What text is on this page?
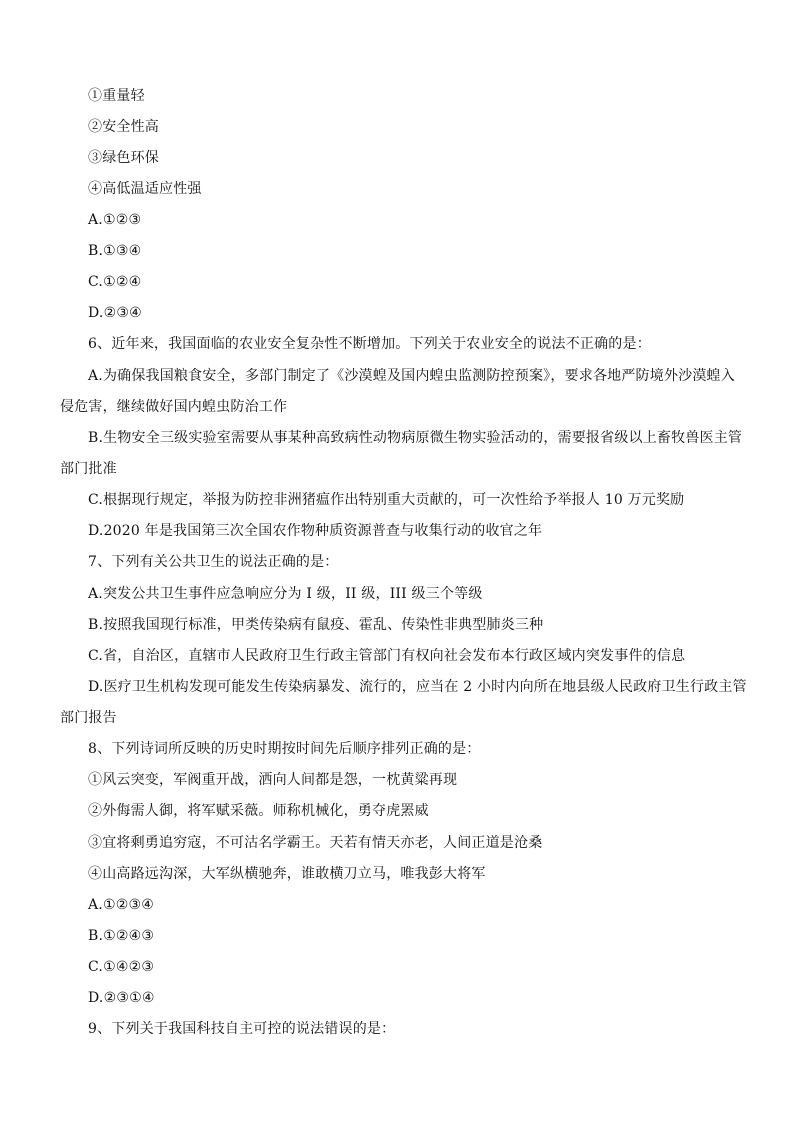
①重量轻
②安全性高
③绿色环保
④高低温适应性强
A.①②③
B.①③④
C.①②④
D.②③④
6、近年来，我国面临的农业安全复杂性不断增加。下列关于农业安全的说法不正确的是：
A.为确保我国粮食安全，多部门制定了《沙漠蝗及国内蝗虫监测防控预案》，要求各地严防境外沙漠蝗入
侵危害，继续做好国内蝗虫防治工作
B.生物安全三级实验室需要从事某种高致病性动物病原微生物实验活动的，需要报省级以上畜牧兽医主管
部门批准
C.根据现行规定，举报为防控非洲猪瘟作出特别重大贡献的，可一次性给予举报人 10 万元奖励
D.2020 年是我国第三次全国农作物种质资源普查与收集行动的收官之年
7、下列有关公共卫生的说法正确的是：
A.突发公共卫生事件应急响应分为 I 级，II 级，III 级三个等级
B.按照我国现行标准，甲类传染病有鼠疫、霍乱、传染性非典型肺炎三种
C.省，自治区，直辖市人民政府卫生行政主管部门有权向社会发布本行政区域内突发事件的信息
D.医疗卫生机构发现可能发生传染病暴发、流行的，应当在 2 小时内向所在地县级人民政府卫生行政主管
部门报告
8、下列诗词所反映的历史时期按时间先后顺序排列正确的是：
①风云突变，军阀重开战，洒向人间都是怨，一枕黄粱再现
②外侮需人御，将军赋采薇。师称机械化，勇夺虎罴威
③宜将剩勇追穷寇，不可沽名学霸王。天若有情天亦老，人间正道是沧桑
④山高路远沟深，大军纵横驰奔，谁敢横刀立马，唯我彭大将军
A.①②③④
B.①②④③
C.①④②③
D.②③①④
9、下列关于我国科技自主可控的说法错误的是：
